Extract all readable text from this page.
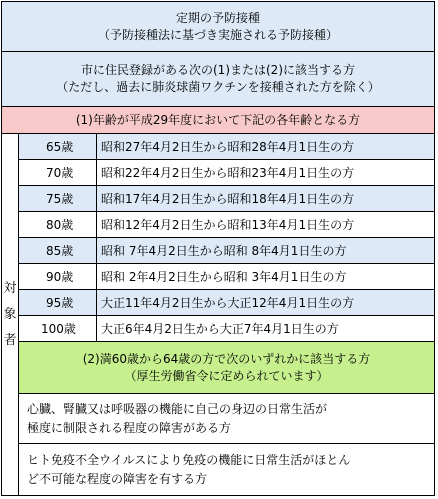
定期の予防接種
（予防接種法に基づき実施される予防接種）
市に住民登録がある次の(1)または(2)に該当する方
（ただし、過去に肺炎球菌ワクチンを接種された方を除く）
(1)年齢が平成29年度において下記の各年齢となる方
対
象
者
65歳	昭和27年4月2日生から昭和28年4月1日生の方
70歳	昭和22年4月2日生から昭和23年4月1日生の方
75歳	昭和17年4月2日生から昭和18年4月1日生の方
80歳	昭和12年4月2日生から昭和13年4月1日生の方
85歳	昭和 7年4月2日生から昭和 8年4月1日生の方
90歳	昭和 2年4月2日生から昭和 3年4月1日生の方
95歳	大正11年4月2日生から大正12年4月1日生の方
100歳	大正6年4月2日生から大正7年4月1日生の方
(2)満60歳から64歳の方で次のいずれかに該当する方
（厚生労働省令に定められています）
心臓、腎臓又は呼吸器の機能に自己の身辺の日常生活が
極度に制限される程度の障害がある方
ヒト免疫不全ウイルスにより免疫の機能に日常生活がほとん
ど不可能な程度の障害を有する方
